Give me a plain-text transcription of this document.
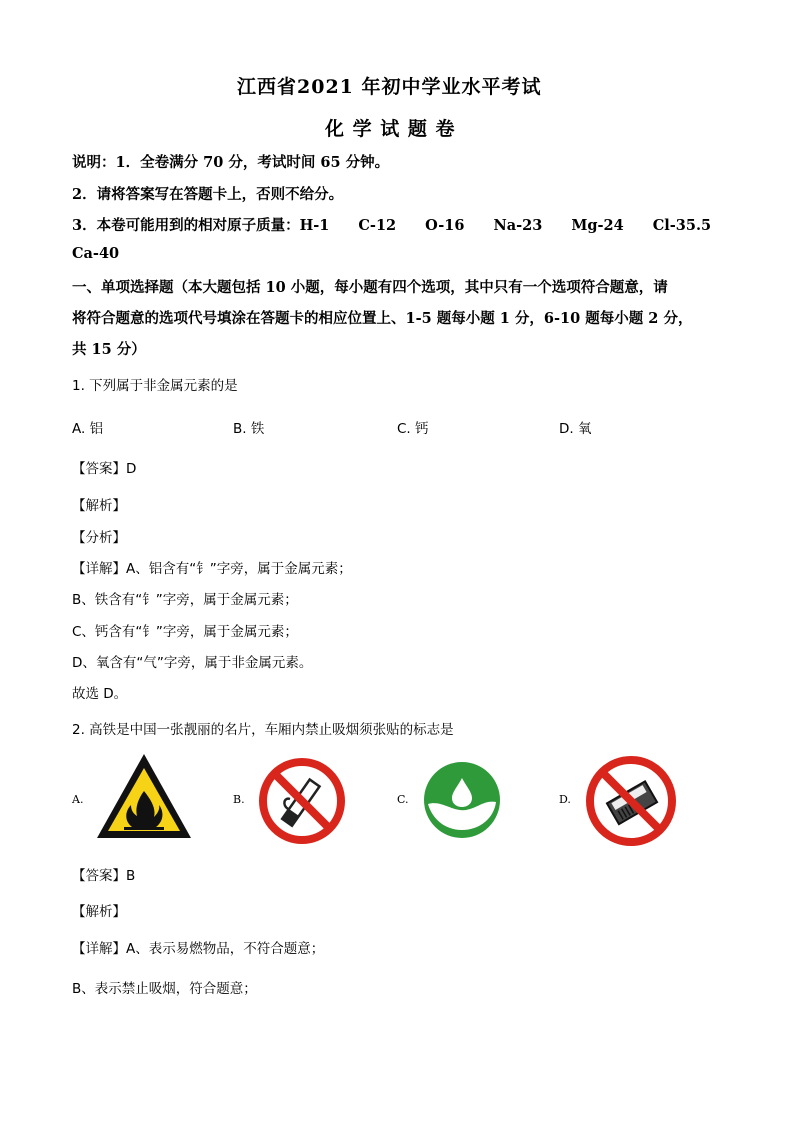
江西省2021 年初中学业水平考试
化 学 试 题 卷
说明：1．全卷满分 70 分，考试时间 65 分钟。
2．请将答案写在答题卡上，否则不给分。
3．本卷可能用到的相对原子质量：H-1　　C-12　　O-16　　Na-23　　Mg-24　　Cl-35.5
Ca-40
一、单项选择题（本大题包括 10 小题，每小题有四个选项，其中只有一个选项符合题意，请
将符合题意的选项代号填涂在答题卡的相应位置上、1-5 题每小题 1 分，6-10 题每小题 2 分，
共 15 分）
1. 下列属于非金属元素的是
A. 铝	B. 铁	C. 钙	D. 氧
【答案】D
【解析】
【分析】
【详解】A、铝含有“钅”字旁，属于金属元素；
B、铁含有“钅”字旁，属于金属元素；
C、钙含有“钅”字旁，属于金属元素；
D、氧含有“气”字旁，属于非金属元素。
故选 D。
2. 高铁是中国一张靓丽的名片，车厢内禁止吸烟须张贴的标志是
A.	B.	C.	D.
【答案】B
【解析】
【详解】A、表示易燃物品，不符合题意；
B、表示禁止吸烟，符合题意；
